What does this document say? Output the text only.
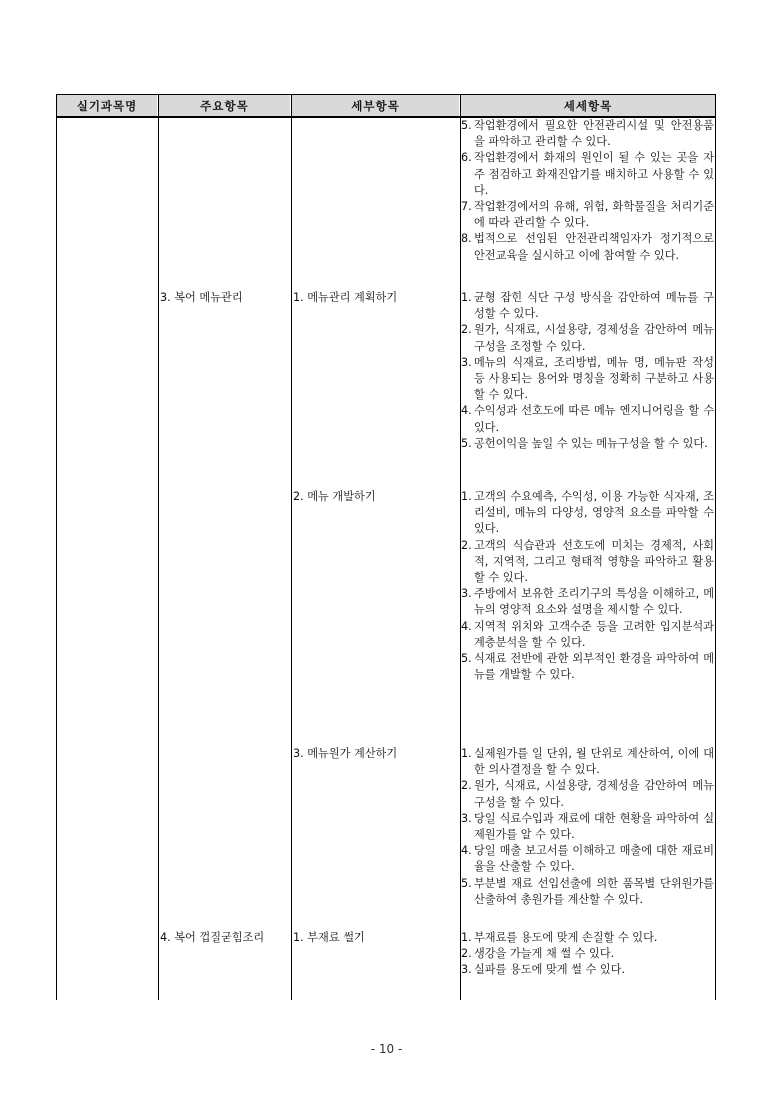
실기과목명	주요항목	세부항목	세세항목
5. 작업환경에서 필요한 안전관리시설 및 안전용품을 파악하고 관리할 수 있다.
6. 작업환경에서 화재의 원인이 될 수 있는 곳을 자주 점검하고 화재진압기를 배치하고 사용할 수 있다.
7. 작업환경에서의 유해, 위험, 화학물질을 처리기준에 따라 관리할 수 있다.
8. 법적으로 선임된 안전관리책임자가 정기적으로 안전교육을 실시하고 이에 참여할 수 있다.
3. 복어 메뉴관리	1. 메뉴관리 계획하기	1. 균형 잡힌 식단 구성 방식을 감안하여 메뉴를 구성할 수 있다.
2. 원가, 식재료, 시설용량, 경제성을 감안하여 메뉴 구성을 조정할 수 있다.
3. 메뉴의 식재료, 조리방법, 메뉴 명, 메뉴판 작성 등 사용되는 용어와 명칭을 정확히 구분하고 사용할 수 있다.
4. 수익성과 선호도에 따른 메뉴 엔지니어링을 할 수 있다.
5. 공헌이익을 높일 수 있는 메뉴구성을 할 수 있다.
2. 메뉴 개발하기	1. 고객의 수요예측, 수익성, 이용 가능한 식자재, 조리설비, 메뉴의 다양성, 영양적 요소를 파악할 수 있다.
2. 고객의 식습관과 선호도에 미치는 경제적, 사회적, 지역적, 그리고 형태적 영향을 파악하고 활용할 수 있다.
3. 주방에서 보유한 조리기구의 특성을 이해하고, 메뉴의 영양적 요소와 설명을 제시할 수 있다.
4. 지역적 위치와 고객수준 등을 고려한 입지분석과 계층분석을 할 수 있다.
5. 식재료 전반에 관한 외부적인 환경을 파악하여 메뉴를 개발할 수 있다.
3. 메뉴원가 계산하기	1. 실제원가를 일 단위, 월 단위로 계산하여, 이에 대한 의사결정을 할 수 있다.
2. 원가, 식재료, 시설용량, 경제성을 감안하여 메뉴 구성을 할 수 있다.
3. 당일 식료수입과 재료에 대한 현황을 파악하여 실제원가를 알 수 있다.
4. 당일 매출 보고서를 이해하고 매출에 대한 재료비율을 산출할 수 있다.
5. 부분별 재료 선입선출에 의한 품목별 단위원가를 산출하여 총원가를 계산할 수 있다.
4. 복어 껍질굳힘조리	1. 부재료 썰기	1. 부재료를 용도에 맞게 손질할 수 있다.
2. 생강을 가늘게 채 썰 수 있다.
3. 실파를 용도에 맞게 썰 수 있다.
- 10 -
